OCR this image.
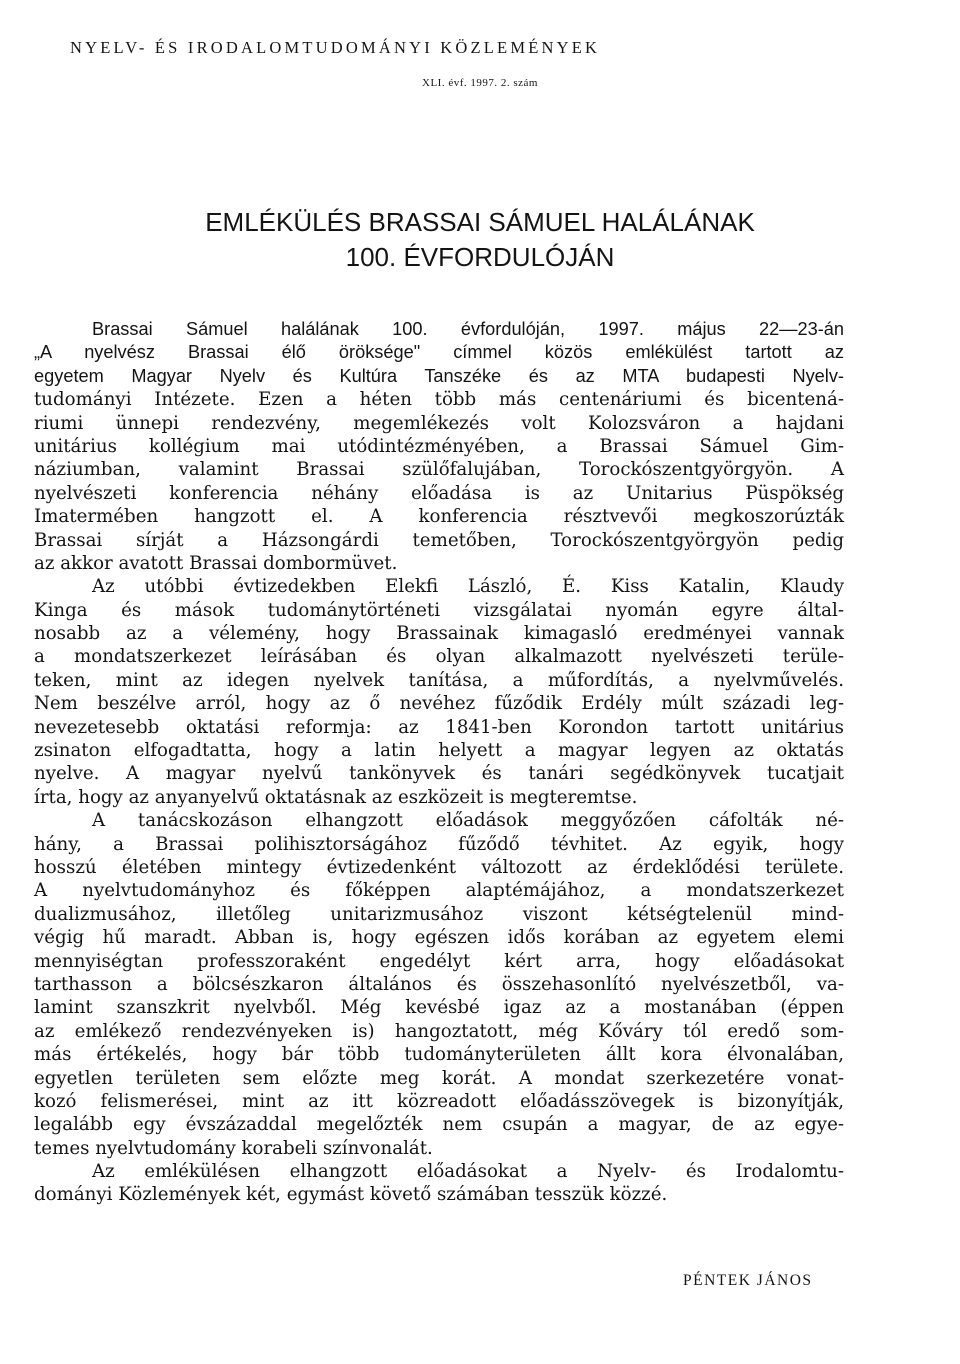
NYELV- ÉS IRODALOMTUDOMÁNYI KÖZLEMÉNYEK
XLI. évf. 1997. 2. szám
EMLÉKÜLÉS BRASSAI SÁMUEL HALÁLÁNAK
100. ÉVFORDULÓJÁN
Brassai Sámuel halálának 100. évfordulóján, 1997. május 22—23-án
„A nyelvész Brassai élő öröksége" címmel közös emlékülést tartott az
egyetem Magyar Nyelv és Kultúra Tanszéke és az MTA budapesti Nyelv-
tudományi Intézete. Ezen a héten több más centenáriumi és bicentená-
riumi ünnepi rendezvény, megemlékezés volt Kolozsváron a hajdani
unitárius kollégium mai utódintézményében, a Brassai Sámuel Gim-
náziumban, valamint Brassai szülőfalujában, Torockószentgyörgyön. A
nyelvészeti konferencia néhány előadása is az Unitarius Püspökség
Imatermében hangzott el. A konferencia résztvevői megkoszorúzták
Brassai sírját a Házsongárdi temetőben, Torockószentgyörgyön pedig
az akkor avatott Brassai dombormüvet.
Az utóbbi évtizedekben Elekfi László, É. Kiss Katalin, Klaudy
Kinga és mások tudománytörténeti vizsgálatai nyomán egyre által-
nosabb az a vélemény, hogy Brassainak kimagasló eredményei vannak
a mondatszerkezet leírásában és olyan alkalmazott nyelvészeti terüle-
teken, mint az idegen nyelvek tanítása, a műfordítás, a nyelvművelés.
Nem beszélve arról, hogy az ő nevéhez fűződik Erdély múlt századi leg-
nevezetesebb oktatási reformja: az 1841-ben Korondon tartott unitárius
zsinaton elfogadtatta, hogy a latin helyett a magyar legyen az oktatás
nyelve. A magyar nyelvű tankönyvek és tanári segédkönyvek tucatjait
írta, hogy az anyanyelvű oktatásnak az eszközeit is megteremtse.
A tanácskozáson elhangzott előadások meggyőzően cáfolták né-
hány, a Brassai polihisztorságához fűződő tévhitet. Az egyik, hogy
hosszú életében mintegy évtizedenként változott az érdeklődési területe.
A nyelvtudományhoz és főképpen alaptémájához, a mondatszerkezet
dualizmusához, illetőleg unitarizmusához viszont kétségtelenül mind-
végig hű maradt. Abban is, hogy egészen idős korában az egyetem elemi
mennyiségtan professzoraként engedélyt kért arra, hogy előadásokat
tarthasson a bölcsészkaron általános és összehasonlító nyelvészetből, va-
lamint szanszkrit nyelvből. Még kevésbé igaz az a mostanában (éppen
az emlékező rendezvényeken is) hangoztatott, még Kőváry tól eredő som-
más értékelés, hogy bár több tudományterületen állt kora élvonalában,
egyetlen területen sem előzte meg korát. A mondat szerkezetére vonat-
kozó felismerései, mint az itt közreadott előadásszövegek is bizonyítják,
legalább egy évszázaddal megelőzték nem csupán a magyar, de az egye-
temes nyelvtudomány korabeli színvonalát.
Az emlékülésen elhangzott előadásokat a Nyelv- és Irodalomtu-
dományi Közlemények két, egymást követő számában tesszük közzé.
PÉNTEK JÁNOS
